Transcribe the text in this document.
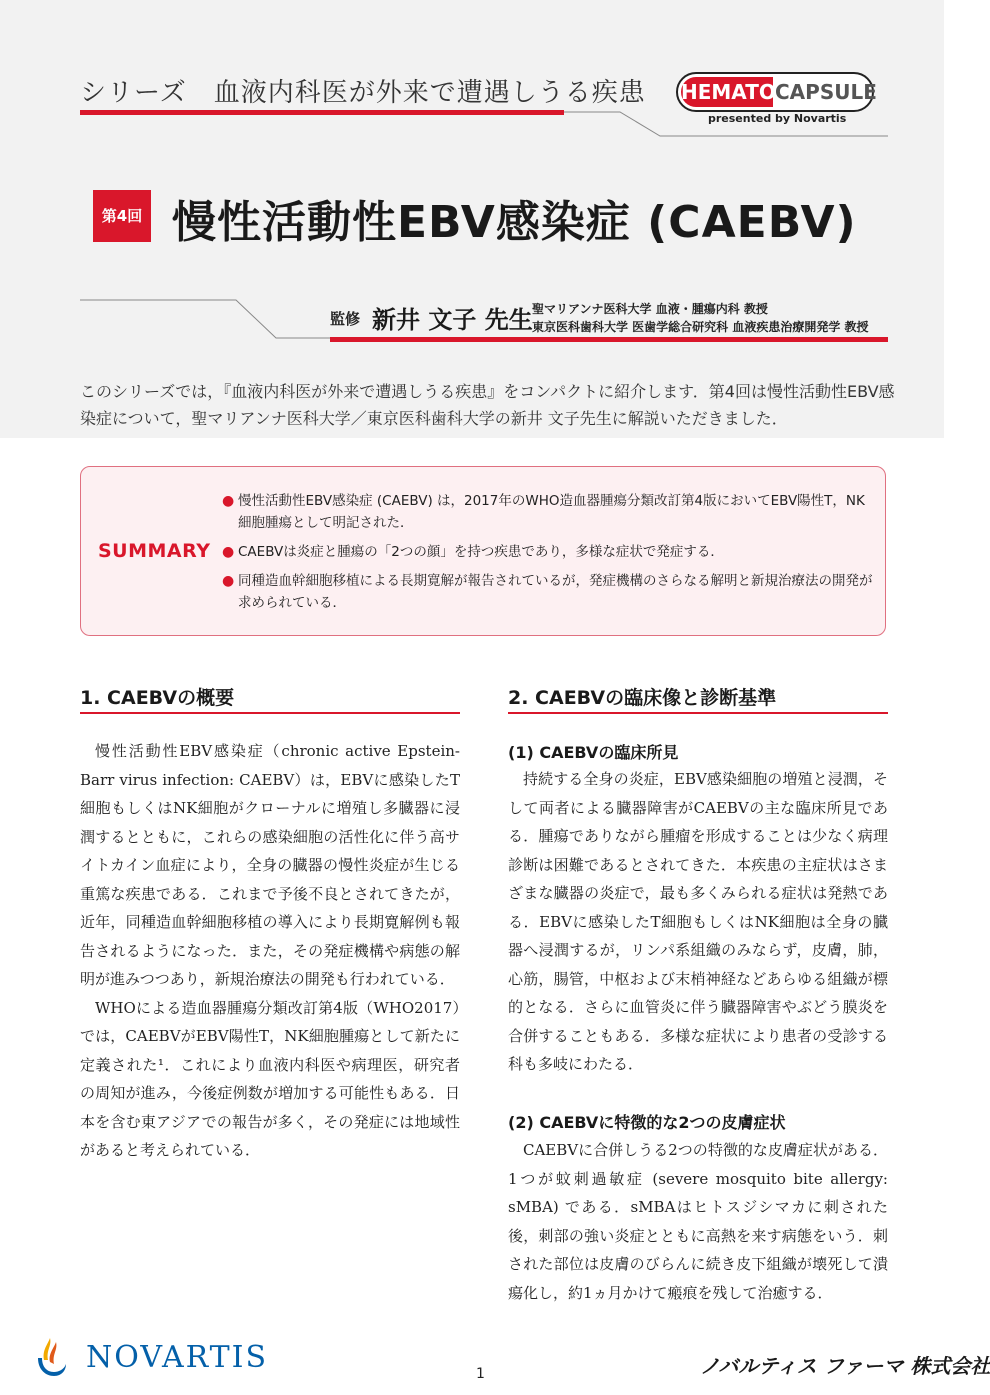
シリーズ　血液内科医が外来で遭遇しうる疾患 HEMATO CAPSULE
presented by Novartis
第4回 慢性活動性EBV感染症 (CAEBV)
監修 新井 文子 先生 聖マリアンナ医科大学 血液・腫瘍内科 教授
東京医科歯科大学 医歯学総合研究科 血液疾患治療開発学 教授
このシリーズでは，『血液内科医が外来で遭遇しうる疾患』をコンパクトに紹介します．第4回は慢性活動性EBV感染症について，聖マリアンナ医科大学／東京医科歯科大学の新井 文子先生に解説いただきました．
SUMMARY
● 慢性活動性EBV感染症 (CAEBV) は，2017年のWHO造血器腫瘍分類改訂第4版においてEBV陽性T，NK細胞腫瘍として明記された．
● CAEBVは炎症と腫瘍の「2つの顔」を持つ疾患であり，多様な症状で発症する．
● 同種造血幹細胞移植による長期寛解が報告されているが，発症機構のさらなる解明と新規治療法の開発が求められている．
1. CAEBVの概要

慢性活動性EBV感染症（chronic active Epstein-Barr virus infection: CAEBV）は，EBVに感染したT細胞もしくはNK細胞がクローナルに増殖し多臓器に浸潤するとともに，これらの感染細胞の活性化に伴う高サイトカイン血症により，全身の臓器の慢性炎症が生じる重篤な疾患である．これまで予後不良とされてきたが，近年，同種造血幹細胞移植の導入により長期寛解例も報告されるようになった．また，その発症機構や病態の解明が進みつつあり，新規治療法の開発も行われている．

WHOによる造血器腫瘍分類改訂第4版（WHO2017）では，CAEBVがEBV陽性T，NK細胞腫瘍として新たに定義された¹．これにより血液内科医や病理医，研究者の周知が進み，今後症例数が増加する可能性もある．日本を含む東アジアでの報告が多く，その発症には地域性があると考えられている．

2. CAEBVの臨床像と診断基準
(1) CAEBVの臨床所見

持続する全身の炎症，EBV感染細胞の増殖と浸潤，そして両者による臓器障害がCAEBVの主な臨床所見である．腫瘍でありながら腫瘤を形成することは少なく病理診断は困難であるとされてきた．本疾患の主症状はさまざまな臓器の炎症で，最も多くみられる症状は発熱である．EBVに感染したT細胞もしくはNK細胞は全身の臓器へ浸潤するが，リンパ系組織のみならず，皮膚，肺，心筋，腸管，中枢および末梢神経などあらゆる組織が標的となる．さらに血管炎に伴う臓器障害やぶどう膜炎を合併することもある．多様な症状により患者の受診する科も多岐にわたる．

(2) CAEBVに特徴的な2つの皮膚症状

CAEBVに合併しうる2つの特徴的な皮膚症状がある．1つが蚊刺過敏症 (severe mosquito bite allergy: sMBA) である．sMBAはヒトスジシマカに刺された後，刺部の強い炎症とともに高熱を来す病態をいう．刺された部位は皮膚のびらんに続き皮下組織が壊死して潰瘍化し，約1ヵ月かけて瘢痕を残して治癒する．

NOVARTIS	1	ノバルティス ファーマ 株式会社
